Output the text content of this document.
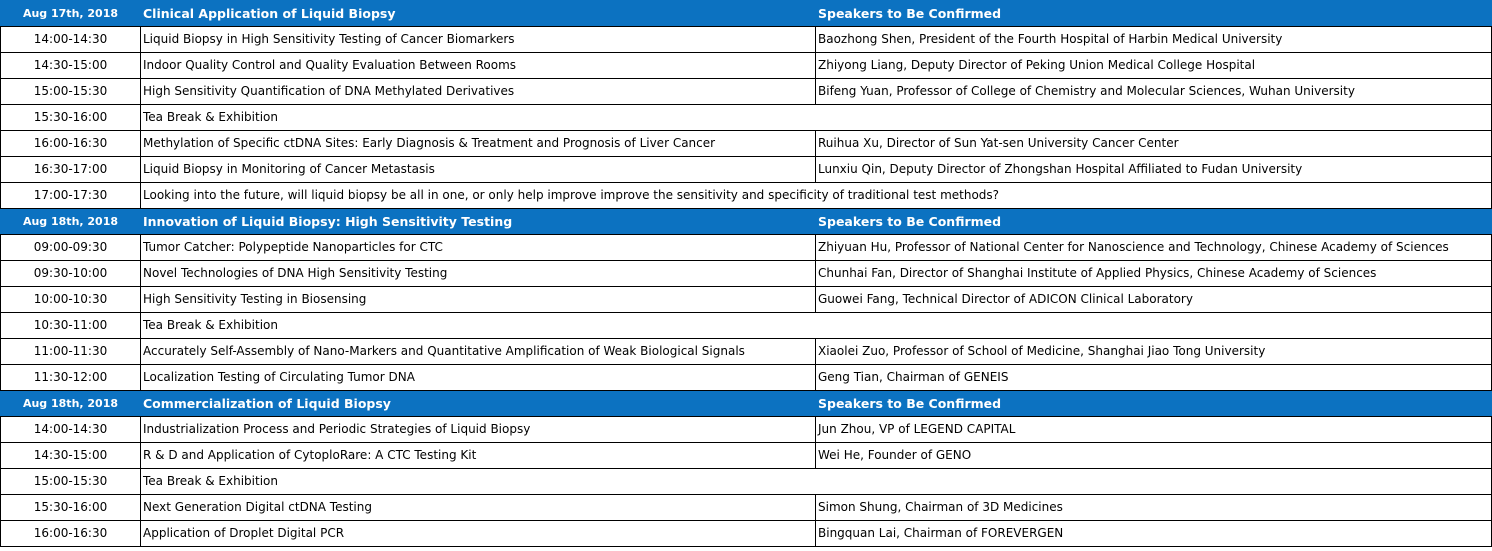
Aug 17th, 2018	Clinical Application of Liquid Biopsy	Speakers to Be Confirmed
14:00-14:30	Liquid Biopsy in High Sensitivity Testing of Cancer Biomarkers	Baozhong Shen, President of the Fourth Hospital of Harbin Medical University
14:30-15:00	Indoor Quality Control and Quality Evaluation Between Rooms	Zhiyong Liang, Deputy Director of Peking Union Medical College Hospital
15:00-15:30	High Sensitivity Quantification of DNA Methylated Derivatives	Bifeng Yuan, Professor of College of Chemistry and Molecular Sciences, Wuhan University
15:30-16:00	Tea Break & Exhibition	
16:00-16:30	Methylation of Specific ctDNA Sites: Early Diagnosis & Treatment and Prognosis of Liver Cancer	Ruihua Xu, Director of Sun Yat-sen University Cancer Center
16:30-17:00	Liquid Biopsy in Monitoring of Cancer Metastasis	Lunxiu Qin, Deputy Director of Zhongshan Hospital Affiliated to Fudan University
17:00-17:30	Looking into the future, will liquid biopsy be all in one, or only help improve improve the sensitivity and specificity of traditional test methods?	
Aug 18th, 2018	Innovation of Liquid Biopsy: High Sensitivity Testing	Speakers to Be Confirmed
09:00-09:30	Tumor Catcher: Polypeptide Nanoparticles for CTC	Zhiyuan Hu, Professor of National Center for Nanoscience and Technology, Chinese Academy of Sciences
09:30-10:00	Novel Technologies of DNA High Sensitivity Testing	Chunhai Fan, Director of Shanghai Institute of Applied Physics, Chinese Academy of Sciences
10:00-10:30	High Sensitivity Testing in Biosensing	Guowei Fang, Technical Director of ADICON Clinical Laboratory
10:30-11:00	Tea Break & Exhibition	
11:00-11:30	Accurately Self-Assembly of Nano-Markers and Quantitative Amplification of Weak Biological Signals	Xiaolei Zuo, Professor of School of Medicine, Shanghai Jiao Tong University
11:30-12:00	Localization Testing of Circulating Tumor DNA	Geng Tian, Chairman of GENEIS
Aug 18th, 2018	Commercialization of Liquid Biopsy	Speakers to Be Confirmed
14:00-14:30	Industrialization Process and Periodic Strategies of Liquid Biopsy	Jun Zhou, VP of LEGEND CAPITAL
14:30-15:00	R & D and Application of CytoploRare: A CTC Testing Kit	Wei He, Founder of GENO
15:00-15:30	Tea Break & Exhibition	
15:30-16:00	Next Generation Digital ctDNA Testing	Simon Shung, Chairman of 3D Medicines
16:00-16:30	Application of Droplet Digital PCR	Bingquan Lai, Chairman of FOREVERGEN
